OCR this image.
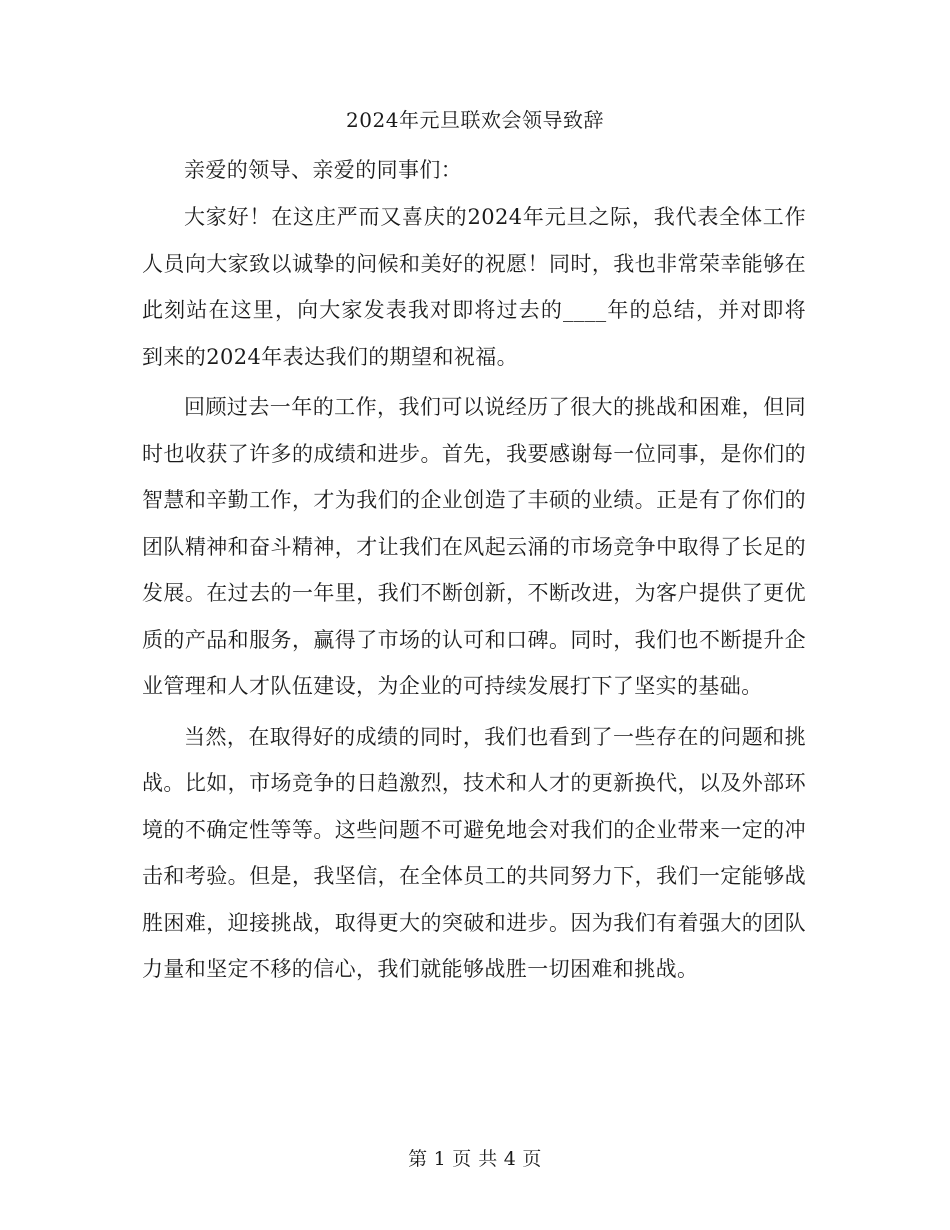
2024年元旦联欢会领导致辞

亲爱的领导、亲爱的同事们：

大家好！在这庄严而又喜庆的2024年元旦之际，我代表全体工作人员向大家致以诚挚的问候和美好的祝愿！同时，我也非常荣幸能够在此刻站在这里，向大家发表我对即将过去的____年的总结，并对即将到来的2024年表达我们的期望和祝福。

回顾过去一年的工作，我们可以说经历了很大的挑战和困难，但同时也收获了许多的成绩和进步。首先，我要感谢每一位同事，是你们的智慧和辛勤工作，才为我们的企业创造了丰硕的业绩。正是有了你们的团队精神和奋斗精神，才让我们在风起云涌的市场竞争中取得了长足的发展。在过去的一年里，我们不断创新，不断改进，为客户提供了更优质的产品和服务，赢得了市场的认可和口碑。同时，我们也不断提升企业管理和人才队伍建设，为企业的可持续发展打下了坚实的基础。

当然，在取得好的成绩的同时，我们也看到了一些存在的问题和挑战。比如，市场竞争的日趋激烈，技术和人才的更新换代，以及外部环境的不确定性等等。这些问题不可避免地会对我们的企业带来一定的冲击和考验。但是，我坚信，在全体员工的共同努力下，我们一定能够战胜困难，迎接挑战，取得更大的突破和进步。因为我们有着强大的团队力量和坚定不移的信心，我们就能够战胜一切困难和挑战。

第 1 页 共 4 页
